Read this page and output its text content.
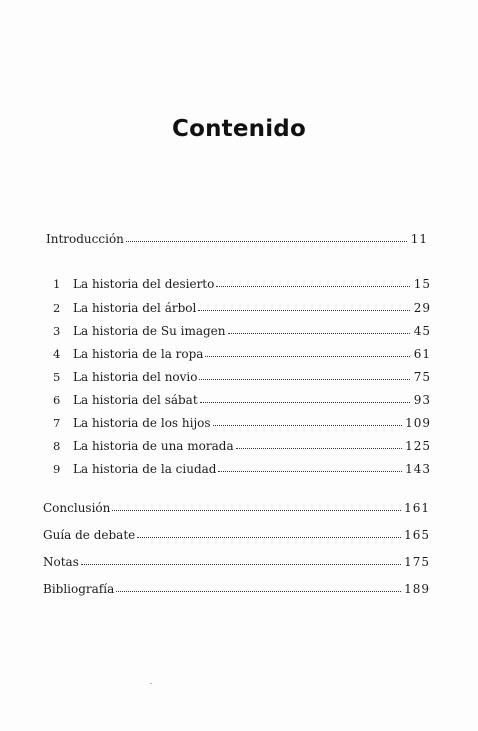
Contenido
Introducción	11
1	La historia del desierto	15
2	La historia del árbol	29
3	La historia de Su imagen	45
4	La historia de la ropa	61
5	La historia del novio	75
6	La historia del sábat	93
7	La historia de los hijos	109
8	La historia de una morada	125
9	La historia de la ciudad	143
Conclusión	161
Guía de debate	165
Notas	175
Bibliografía	189
